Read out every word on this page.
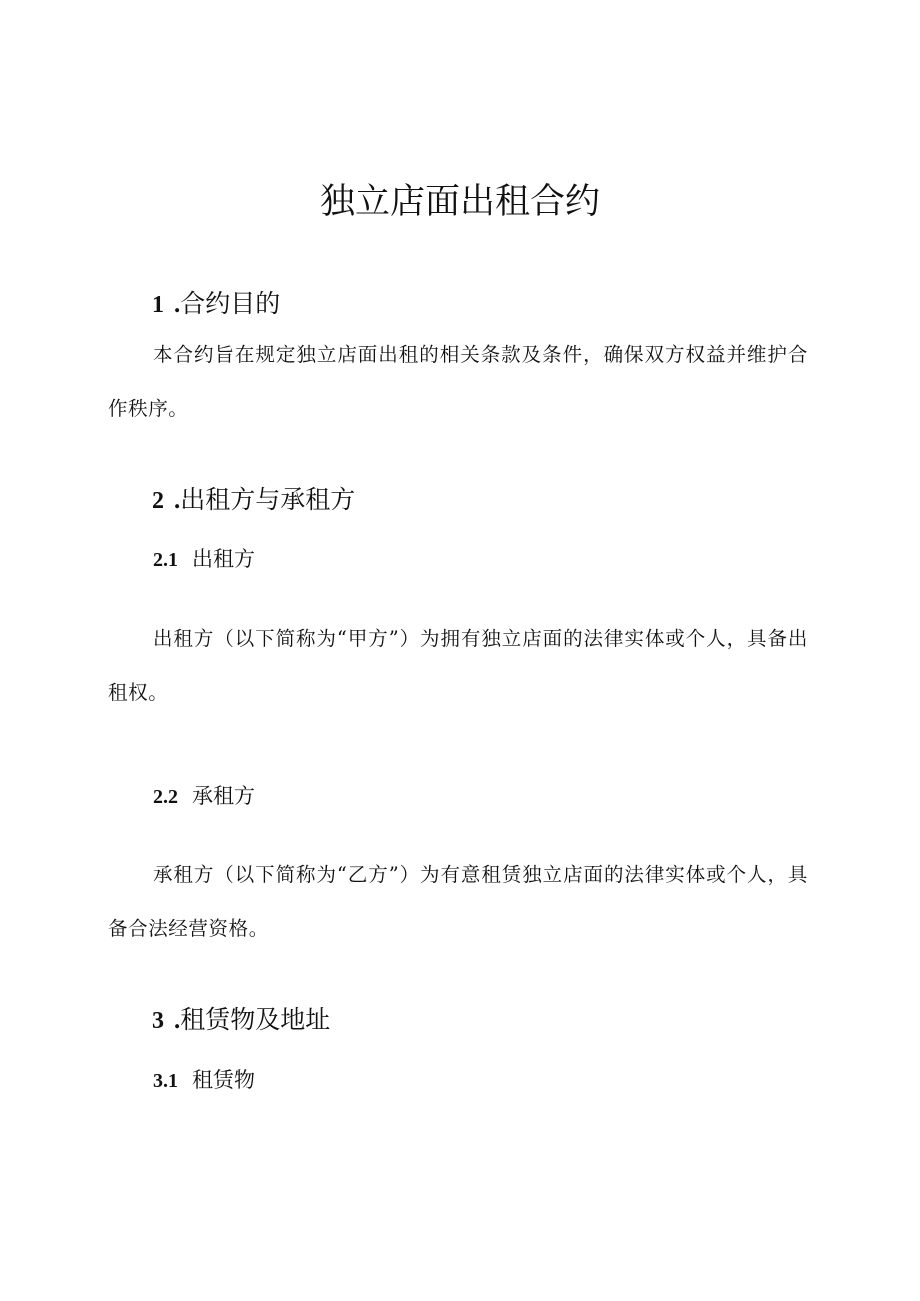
独立店面出租合约
1 .合约目的

本合约旨在规定独立店面出租的相关条款及条件，确保双方权益并维护合作秩序。

2 .出租方与承租方
2.1 出租方

出租方（以下简称为“甲方”）为拥有独立店面的法律实体或个人，具备出租权。

2.2 承租方

承租方（以下简称为“乙方”）为有意租赁独立店面的法律实体或个人，具备合法经营资格。

3 .租赁物及地址
3.1 租赁物
